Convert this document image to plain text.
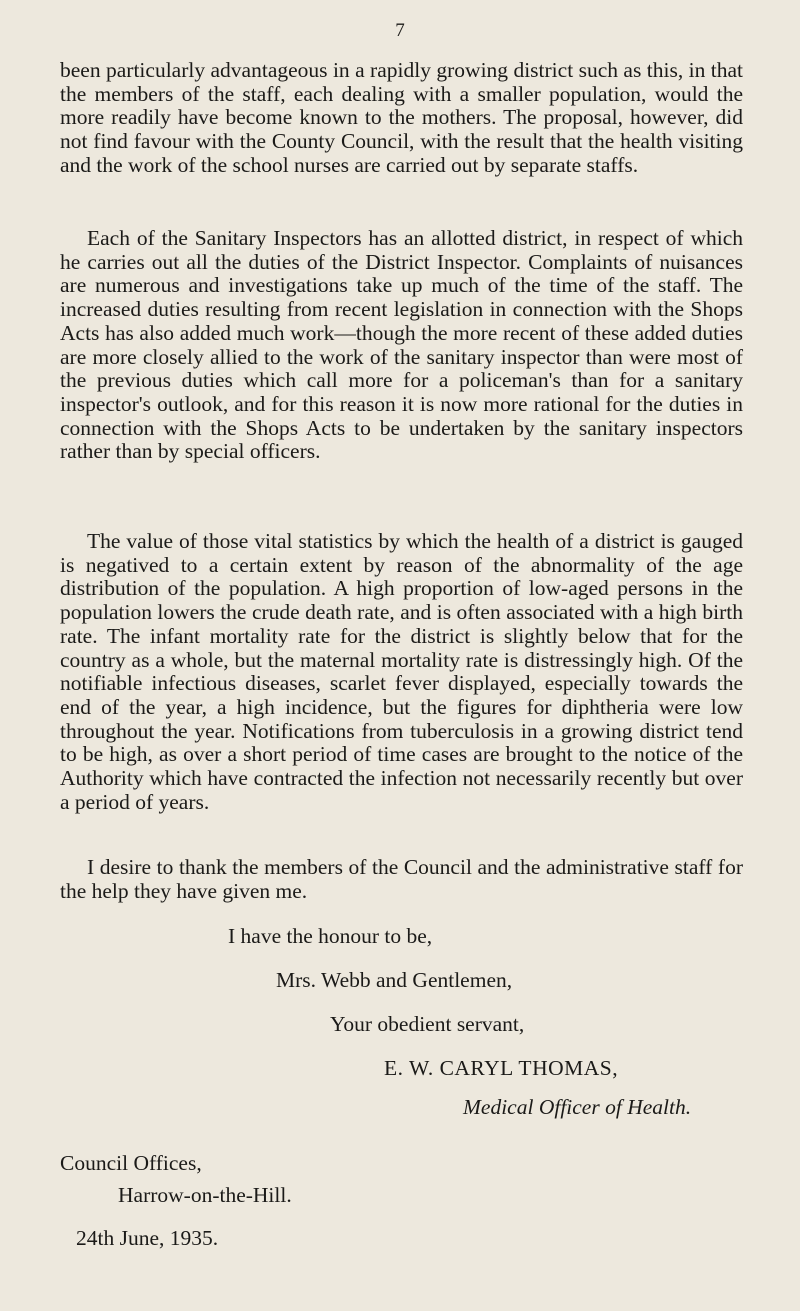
7

been particularly advantageous in a rapidly growing district such as this, in that the members of the staff, each dealing with a smaller population, would the more readily have become known to the mothers. The proposal, however, did not find favour with the County Council, with the result that the health visiting and the work of the school nurses are carried out by separate staffs.

Each of the Sanitary Inspectors has an allotted district, in respect of which he carries out all the duties of the District Inspector. Complaints of nuisances are numerous and investigations take up much of the time of the staff. The increased duties resulting from recent legislation in connection with the Shops Acts has also added much work—though the more recent of these added duties are more closely allied to the work of the sanitary inspector than were most of the previous duties which call more for a policeman's than for a sanitary inspector's outlook, and for this reason it is now more rational for the duties in connection with the Shops Acts to be undertaken by the sanitary inspectors rather than by special officers.

The value of those vital statistics by which the health of a district is gauged is negatived to a certain extent by reason of the abnormality of the age distribution of the population. A high proportion of low-aged persons in the population lowers the crude death rate, and is often associated with a high birth rate. The infant mortality rate for the district is slightly below that for the country as a whole, but the maternal mortality rate is distressingly high. Of the notifiable infectious diseases, scarlet fever displayed, especially towards the end of the year, a high incidence, but the figures for diphtheria were low throughout the year. Notifications from tuberculosis in a growing district tend to be high, as over a short period of time cases are brought to the notice of the Authority which have contracted the infection not necessarily recently but over a period of years.

I desire to thank the members of the Council and the administrative staff for the help they have given me.

I have the honour to be,
Mrs. Webb and Gentlemen,
Your obedient servant,
E. W. CARYL THOMAS,
Medical Officer of Health.
Council Offices,
Harrow-on-the-Hill.
24th June, 1935.
